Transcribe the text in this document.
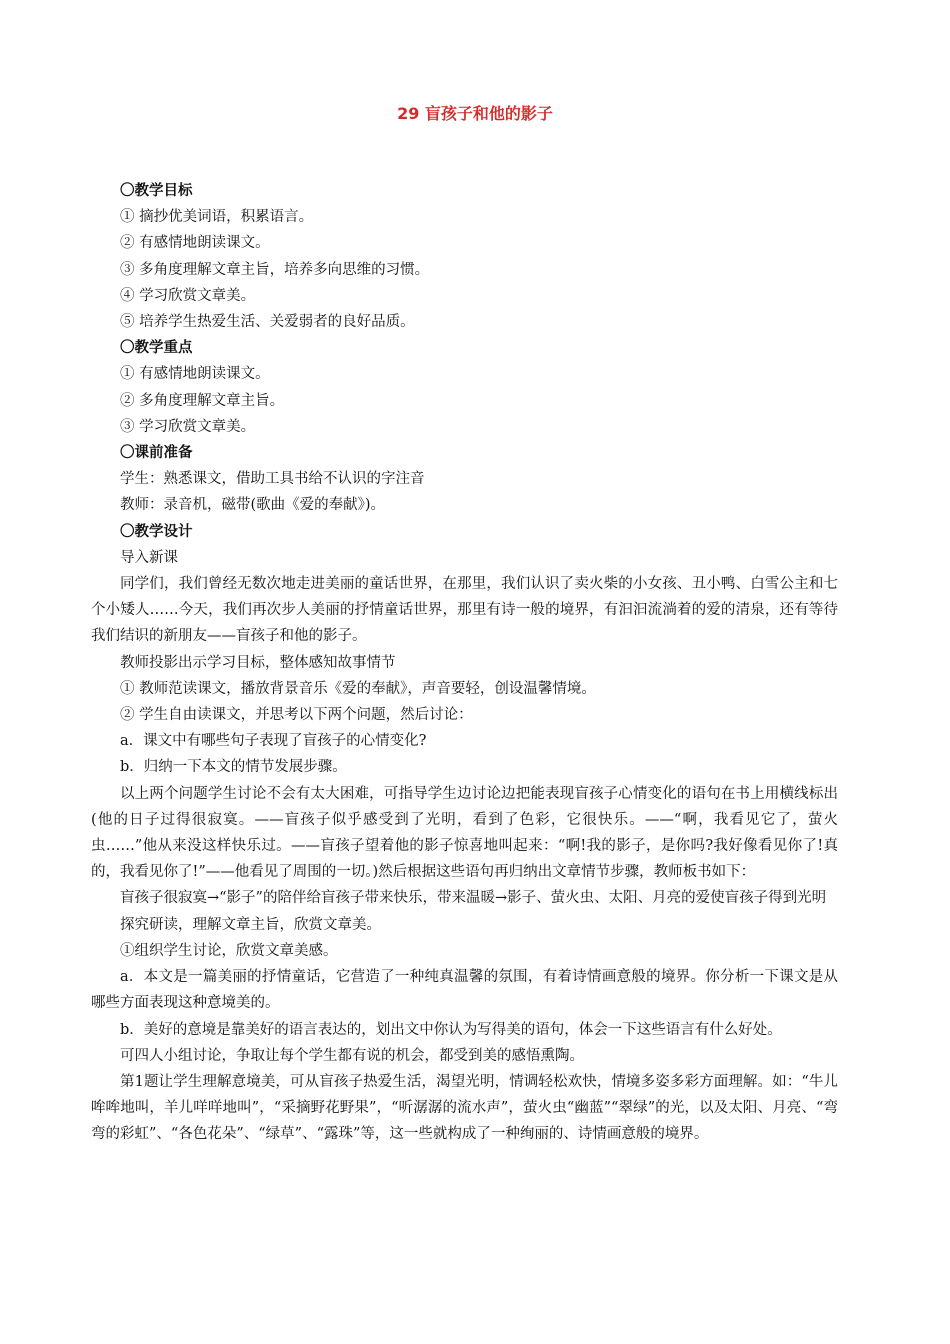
29 盲孩子和他的影子

〇教学目标

① 摘抄优美词语，积累语言。

② 有感情地朗读课文。

③ 多角度理解文章主旨，培养多向思维的习惯。

④ 学习欣赏文章美。

⑤ 培养学生热爱生活、关爱弱者的良好品质。

〇教学重点

① 有感情地朗读课文。

② 多角度理解文章主旨。

③ 学习欣赏文章美。

〇课前准备

学生：熟悉课文，借助工具书给不认识的字注音

教师：录音机，磁带(歌曲《爱的奉献》)。

〇教学设计

导入新课

同学们，我们曾经无数次地走进美丽的童话世界，在那里，我们认识了卖火柴的小女孩、丑小鸭、白雪公主和七个小矮人……今天，我们再次步人美丽的抒情童话世界，那里有诗一般的境界，有汩汩流淌着的爱的清泉，还有等待我们结识的新朋友——盲孩子和他的影子。

教师投影出示学习目标，整体感知故事情节

① 教师范读课文，播放背景音乐《爱的奉献》，声音要轻，创设温馨情境。

② 学生自由读课文，并思考以下两个问题，然后讨论：

a．课文中有哪些句子表现了盲孩子的心情变化?

b．归纳一下本文的情节发展步骤。

以上两个问题学生讨论不会有太大困难，可指导学生边讨论边把能表现盲孩子心情变化的语句在书上用横线标出(他的日子过得很寂寞。——盲孩子似乎感受到了光明，看到了色彩，它很快乐。——“啊，我看见它了，萤火虫……”他从来没这样快乐过。——盲孩子望着他的影子惊喜地叫起来：“啊!我的影子，是你吗?我好像看见你了!真的，我看见你了!”——他看见了周围的一切。)然后根据这些语句再归纳出文章情节步骤，教师板书如下：

盲孩子很寂寞→“影子”的陪伴给盲孩子带来快乐，带来温暖→影子、萤火虫、太阳、月亮的爱使盲孩子得到光明

探究研读，理解文章主旨，欣赏文章美。

①组织学生讨论，欣赏文章美感。

a．本文是一篇美丽的抒情童话，它营造了一种纯真温馨的氛围，有着诗情画意般的境界。你分析一下课文是从哪些方面表现这种意境美的。

b．美好的意境是靠美好的语言表达的，划出文中你认为写得美的语句，体会一下这些语言有什么好处。

可四人小组讨论，争取让每个学生都有说的机会，都受到美的感悟熏陶。

第1题让学生理解意境美，可从盲孩子热爱生活，渴望光明，情调轻松欢快，情境多姿多彩方面理解。如：“牛儿哞哞地叫，羊儿咩咩地叫”，“采摘野花野果”，“听潺潺的流水声”，萤火虫“幽蓝”“翠绿”的光，以及太阳、月亮、“弯弯的彩虹”、“各色花朵”、“绿草”、“露珠”等，这一些就构成了一种绚丽的、诗情画意般的境界。
